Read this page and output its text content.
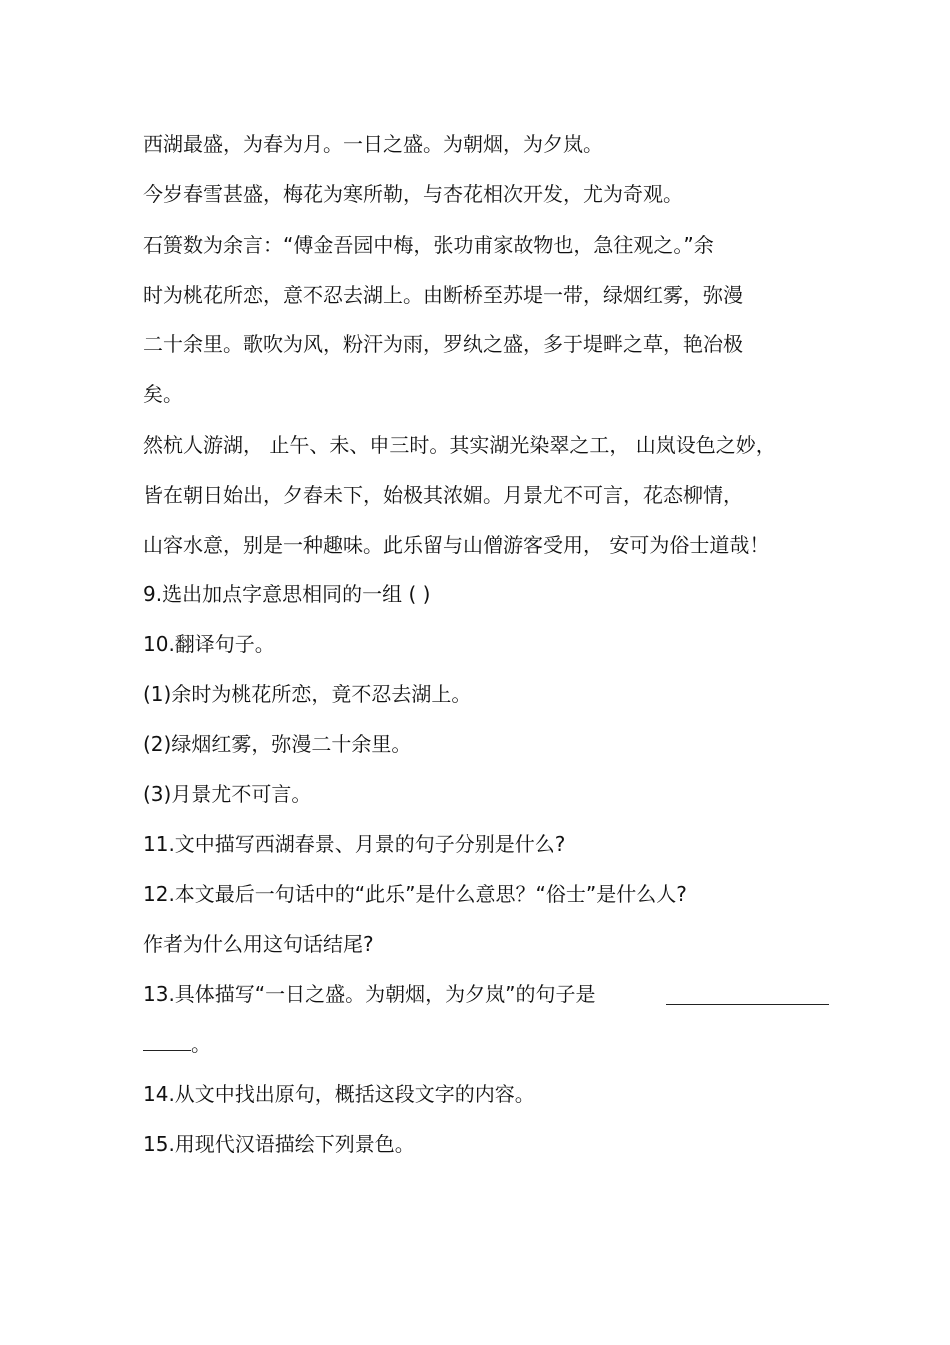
西湖最盛，为春为月。一日之盛。为朝烟，为夕岚。
今岁春雪甚盛，梅花为寒所勒，与杏花相次开发，尤为奇观。
石篑数为余言：“傅金吾园中梅，张功甫家故物也，急往观之。”余
时为桃花所恋，意不忍去湖上。由断桥至苏堤一带，绿烟红雾，弥漫
二十余里。歌吹为风，粉汗为雨，罗纨之盛，多于堤畔之草，艳冶极
矣。
然杭人游湖， 止午、未、申三时。其实湖光染翠之工， 山岚设色之妙，
皆在朝日始出，夕舂未下，始极其浓媚。月景尤不可言，花态柳情，
山容水意，别是一种趣味。此乐留与山僧游客受用， 安可为俗士道哉！
9.选出加点字意思相同的一组 ( )
10.翻译句子。
(1)余时为桃花所恋，竟不忍去湖上。
(2)绿烟红雾，弥漫二十余里。
(3)月景尤不可言。
11.文中描写西湖春景、月景的句子分别是什么?
12.本文最后一句话中的“此乐”是什么意思？“俗士”是什么人?
作者为什么用这句话结尾?
13.具体描写“一日之盛。为朝烟，为夕岚”的句子是
。
14.从文中找出原句，概括这段文字的内容。
15.用现代汉语描绘下列景色。
